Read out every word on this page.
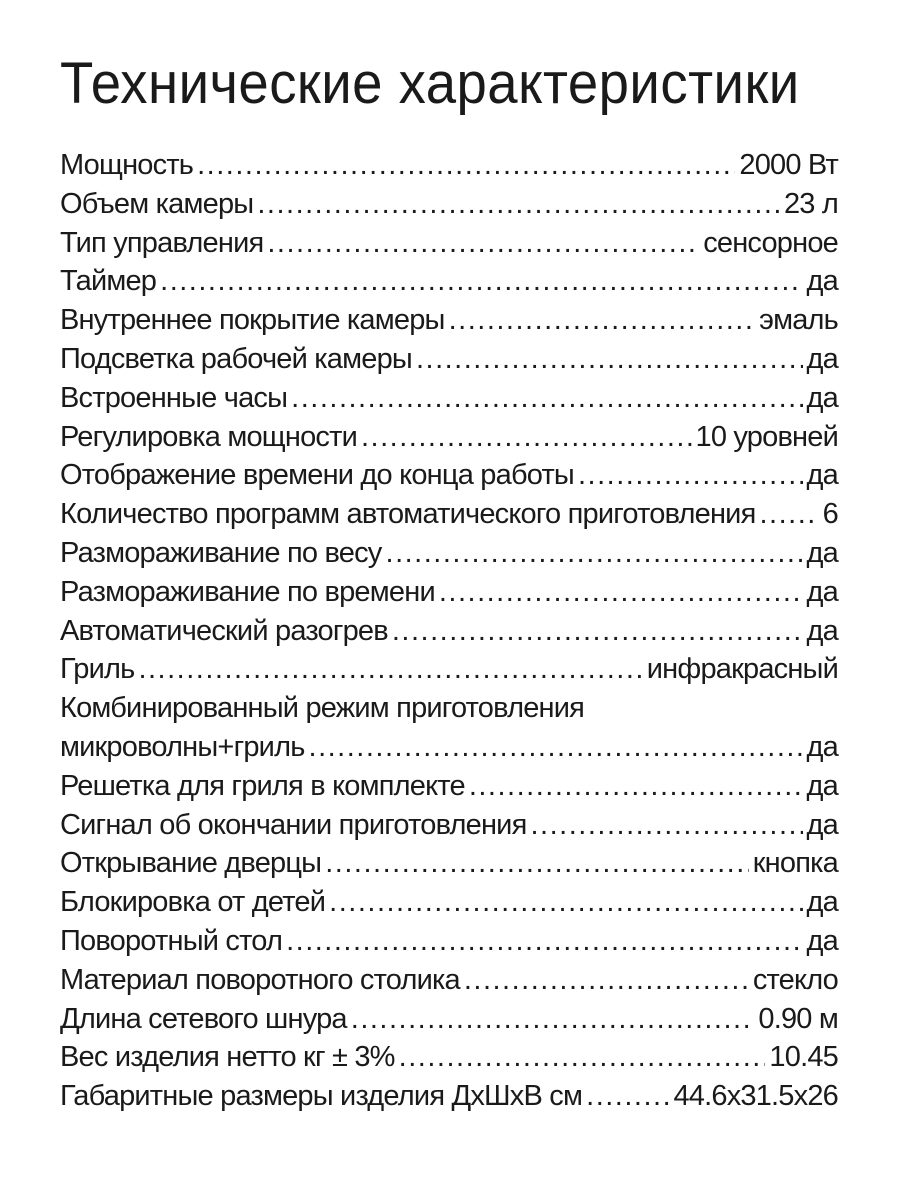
Технические характеристики
Мощность .....	2000 Вт
Объем камеры .....	23 л
Тип управления .....	сенсорное
Таймер .....	да
Внутреннее покрытие камеры .....	эмаль
Подсветка рабочей камеры .....	да
Встроенные часы .....	да
Регулировка мощности .....	10 уровней
Отображение времени до конца работы .....	да
Количество программ автоматического приготовления ..... 6
Размораживание по весу .....	да
Размораживание по времени .....	да
Автоматический разогрев .....	да
Гриль .....	инфракрасный
Комбинированный режим приготовления
микроволны+гриль .....	да
Решетка для гриля в комплекте .....	да
Сигнал об окончании приготовления .....	да
Открывание дверцы .....	кнопка
Блокировка от детей .....	да
Поворотный стол .....	да
Материал поворотного столика .....	стекло
Длина сетевого шнура .....	0.90 м
Вес изделия нетто кг ± 3% .....	10.45
Габаритные размеры изделия ДхШхВ см .....	44.6x31.5x26
